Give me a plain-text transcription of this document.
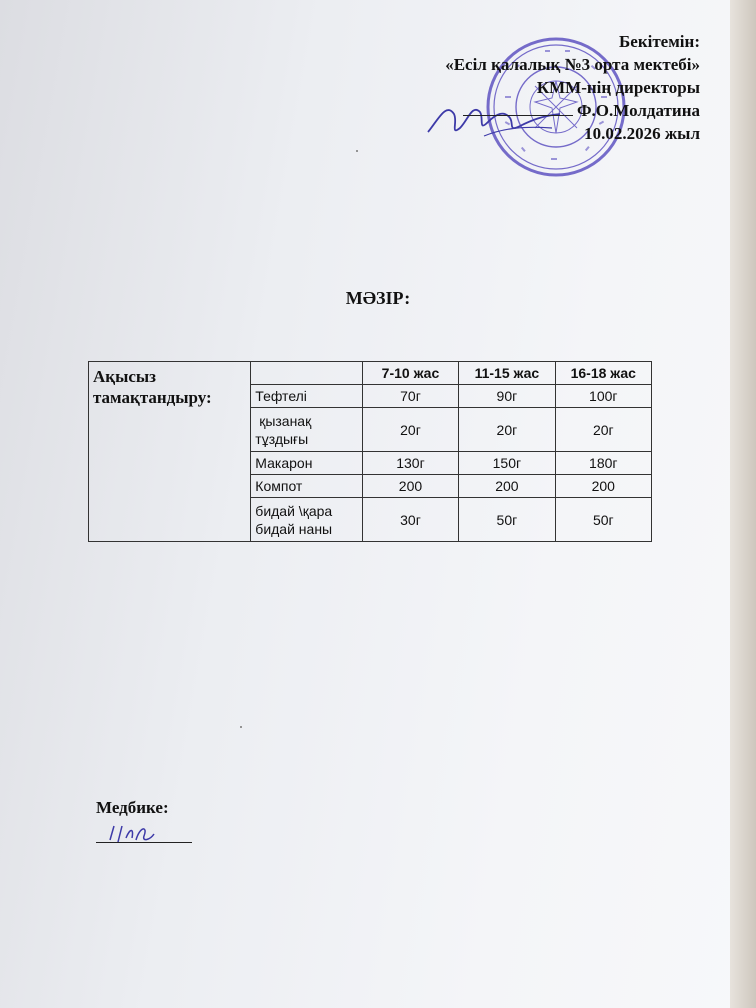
Бекітемін:
«Есіл қалалық №3 орта мектебі»
КММ-нің директоры
Ф.О.Молдатина
10.02.2026 жыл
МӘЗІР:
Ақысыз тамақтандыру:		7-10 жас	11-15 жас	16-18 жас
	Тефтелі	70г	90г	100г
	қызанақ тұздығы	20г	20г	20г
	Макарон	130г	150г	180г
	Компот	200	200	200
	бидай \қара бидай наны	30г	50г	50г
Медбике:
